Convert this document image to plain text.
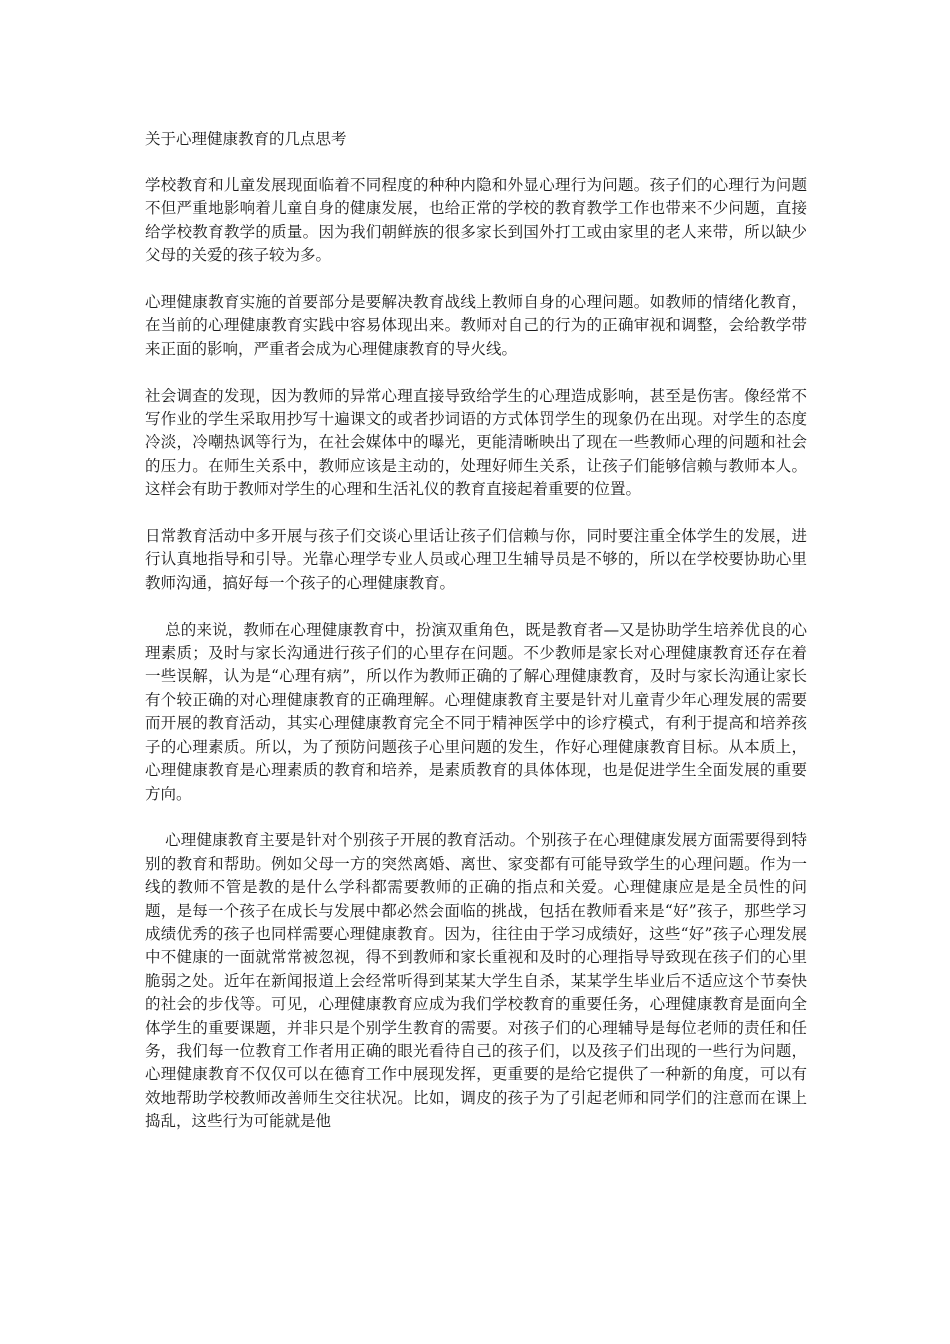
关于心理健康教育的几点思考

学校教育和儿童发展现面临着不同程度的种种内隐和外显心理行为问题。孩子们的心理行为问题不但严重地影响着儿童自身的健康发展，也给正常的学校的教育教学工作也带来不少问题，直接给学校教育教学的质量。因为我们朝鲜族的很多家长到国外打工或由家里的老人来带，所以缺少父母的关爱的孩子较为多。

心理健康教育实施的首要部分是要解决教育战线上教师自身的心理问题。如教师的情绪化教育，在当前的心理健康教育实践中容易体现出来。教师对自己的行为的正确审视和调整，会给教学带来正面的影响，严重者会成为心理健康教育的导火线。

社会调查的发现，因为教师的异常心理直接导致给学生的心理造成影响，甚至是伤害。像经常不写作业的学生采取用抄写十遍课文的或者抄词语的方式体罚学生的现象仍在出现。对学生的态度冷淡，冷嘲热讽等行为，在社会媒体中的曝光，更能清晰映出了现在一些教师心理的问题和社会的压力。在师生关系中，教师应该是主动的，处理好师生关系，让孩子们能够信赖与教师本人。这样会有助于教师对学生的心理和生活礼仪的教育直接起着重要的位置。

日常教育活动中多开展与孩子们交谈心里话让孩子们信赖与你，同时要注重全体学生的发展，进行认真地指导和引导。光靠心理学专业人员或心理卫生辅导员是不够的，所以在学校要协助心里教师沟通，搞好每一个孩子的心理健康教育。

总的来说，教师在心理健康教育中，扮演双重角色，既是教育者—又是协助学生培养优良的心理素质；及时与家长沟通进行孩子们的心里存在问题。不少教师是家长对心理健康教育还存在着一些误解，认为是“心理有病”，所以作为教师正确的了解心理健康教育，及时与家长沟通让家长有个较正确的对心理健康教育的正确理解。心理健康教育主要是针对儿童青少年心理发展的需要而开展的教育活动，其实心理健康教育完全不同于精神医学中的诊疗模式，有利于提高和培养孩子的心理素质。所以，为了预防问题孩子心里问题的发生，作好心理健康教育目标。从本质上，心理健康教育是心理素质的教育和培养，是素质教育的具体体现，也是促进学生全面发展的重要方向。

心理健康教育主要是针对个别孩子开展的教育活动。个别孩子在心理健康发展方面需要得到特别的教育和帮助。例如父母一方的突然离婚、离世、家变都有可能导致学生的心理问题。作为一线的教师不管是教的是什么学科都需要教师的正确的指点和关爱。心理健康应是是全员性的问题，是每一个孩子在成长与发展中都必然会面临的挑战，包括在教师看来是“好”孩子，那些学习成绩优秀的孩子也同样需要心理健康教育。因为，往往由于学习成绩好，这些“好”孩子心理发展中不健康的一面就常常被忽视，得不到教师和家长重视和及时的心理指导导致现在孩子们的心里脆弱之处。近年在新闻报道上会经常听得到某某大学生自杀，某某学生毕业后不适应这个节奏快的社会的步伐等。可见，心理健康教育应成为我们学校教育的重要任务，心理健康教育是面向全体学生的重要课题，并非只是个别学生教育的需要。对孩子们的心理辅导是每位老师的责任和任务，我们每一位教育工作者用正确的眼光看待自己的孩子们，以及孩子们出现的一些行为问题，心理健康教育不仅仅可以在德育工作中展现发挥，更重要的是给它提供了一种新的角度，可以有效地帮助学校教师改善师生交往状况。比如，调皮的孩子为了引起老师和同学们的注意而在课上捣乱，这些行为可能就是他
